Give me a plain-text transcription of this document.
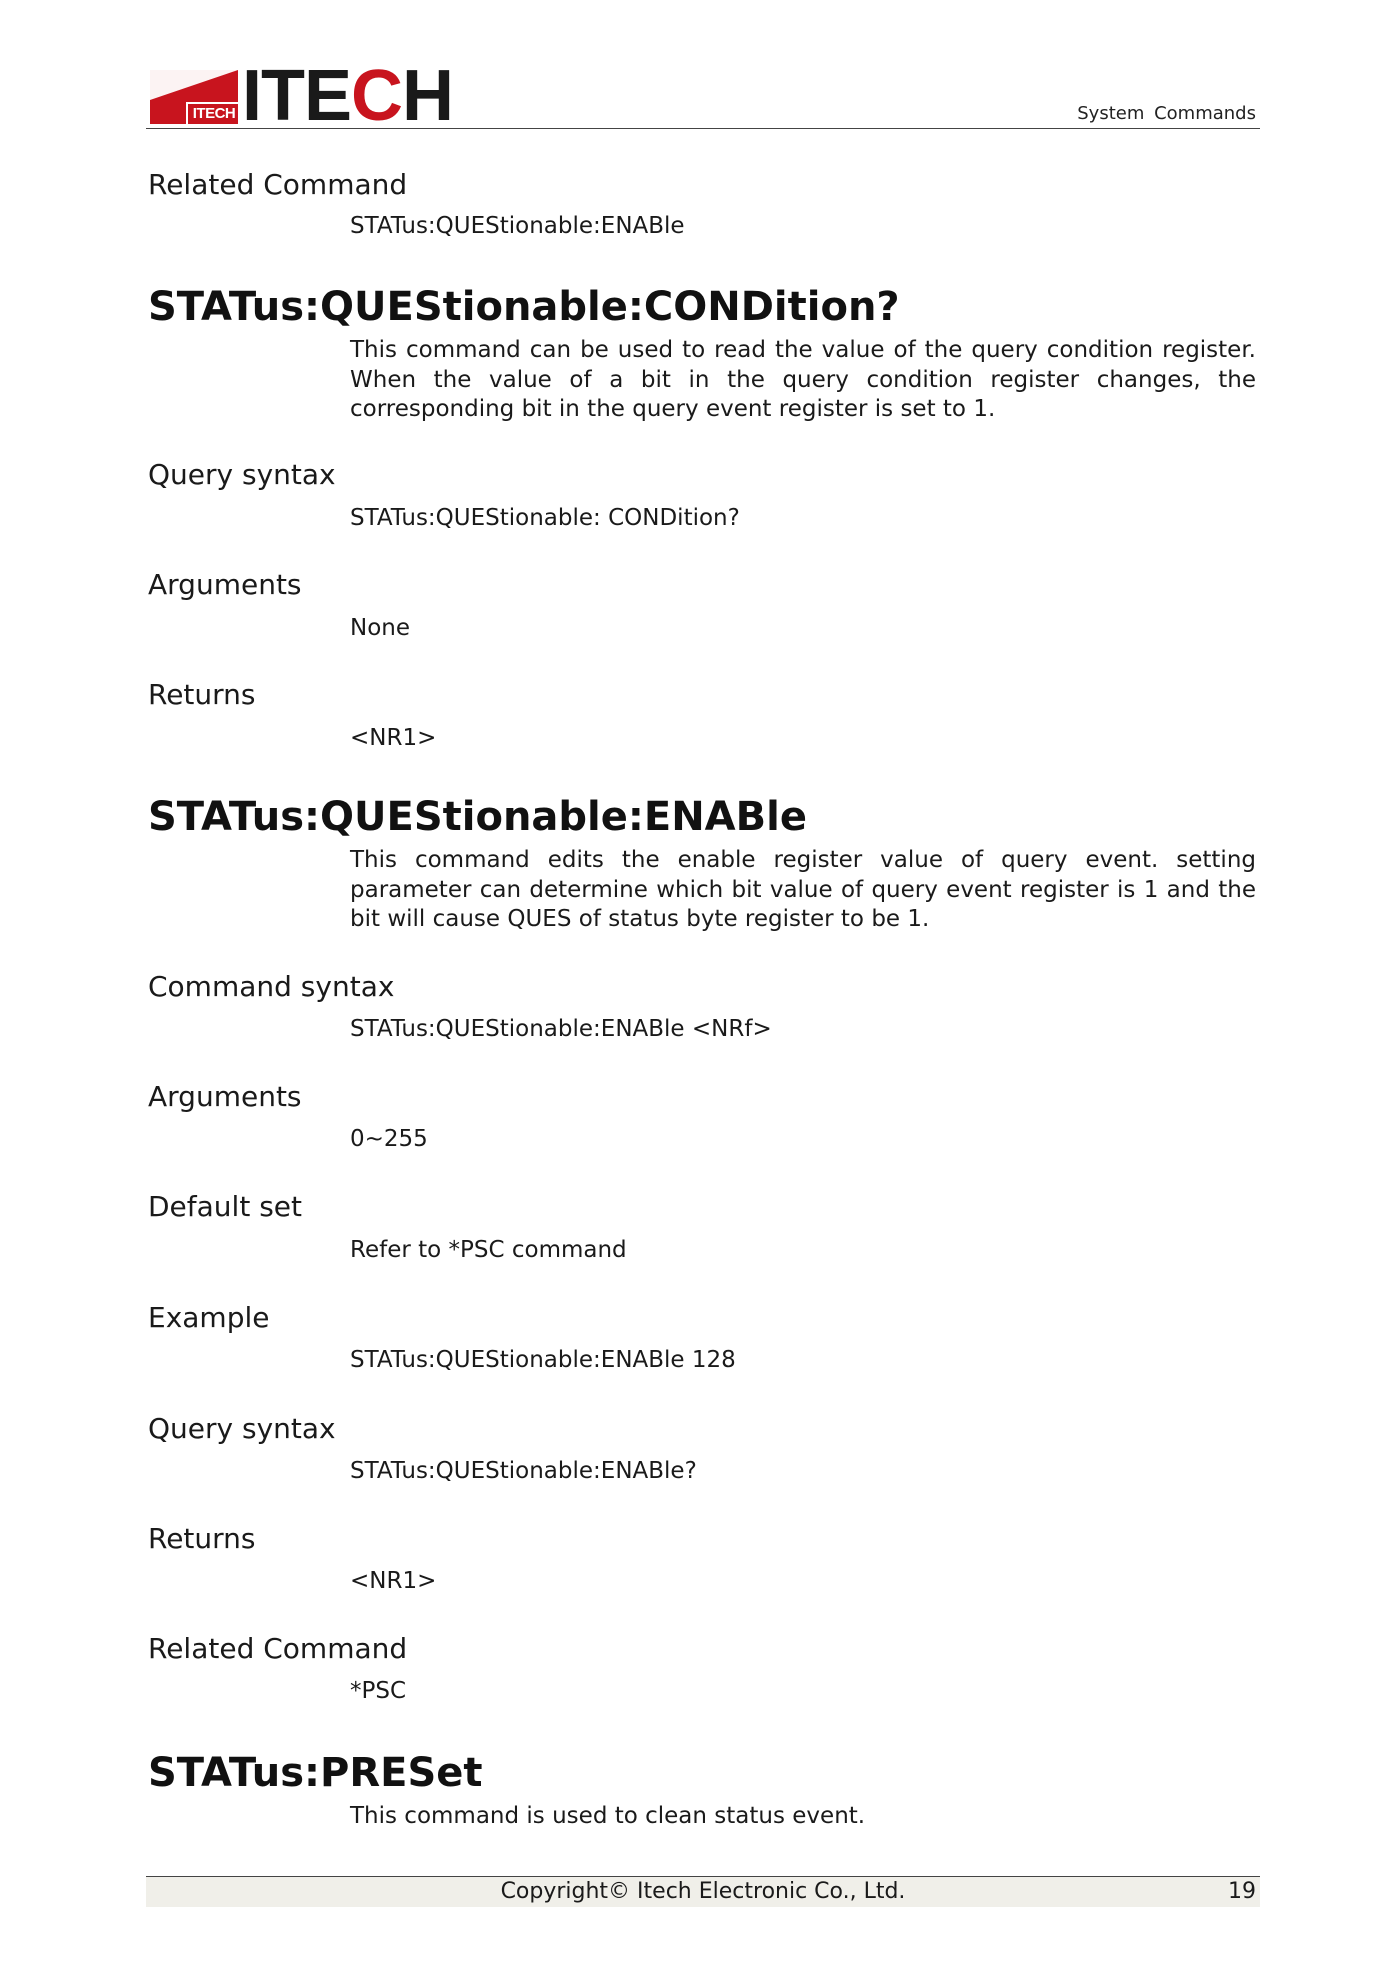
ITECH ITECH	System Commands
Related Command
STATus:QUEStionable:ENABle
STATus:QUEStionable:CONDition?
This command can be used to read the value of the query condition register. When the value of a bit in the query condition register changes, the corresponding bit in the query event register is set to 1.
Query syntax
STATus:QUEStionable: CONDition?
Arguments
None
Returns
<NR1>
STATus:QUEStionable:ENABle
This command edits the enable register value of query event. setting parameter can determine which bit value of query event register is 1 and the bit will cause QUES of status byte register to be 1.
Command syntax
STATus:QUEStionable:ENABle <NRf>
Arguments
0~255
Default set
Refer to *PSC command
Example
STATus:QUEStionable:ENABle 128
Query syntax
STATus:QUEStionable:ENABle?
Returns
<NR1>
Related Command
*PSC
STATus:PRESet
This command is used to clean status event.
Copyright© Itech Electronic Co., Ltd.	19
